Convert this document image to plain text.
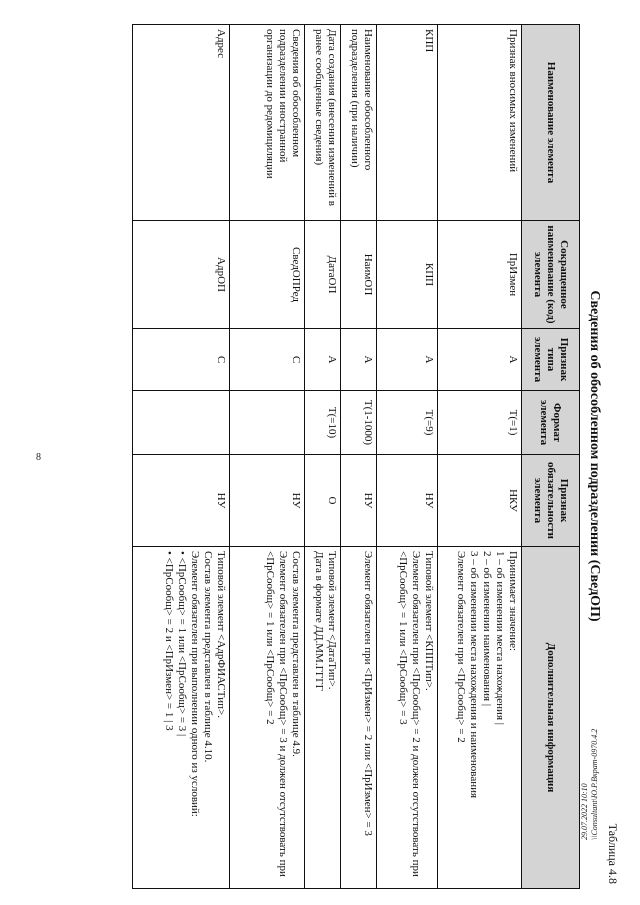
8
Таблица 4.8
Сведения об обособленном подразделении (СведОП)
Наименование элемента	Сокращенное наименование (код) элемента	Признак типа элемента	Формат элемента	Признак обязательности элемента	Дополнительная информация
Признак вносимых изменений	ПрИзмен	А	T(=1)	НКУ	Принимает значение:
1 – об изменении места нахождения |
2 – об изменении наименования |
3 – об изменении места нахождения и наименования
Элемент обязателен при <ПрСообщ> = 2

КПП	КПП	А	T(=9)	НУ	Типовой элемент <КППТип>.
Элемент обязателен при <ПрСообщ> = 2 и должен отсутствовать при <ПрСообщ> = 1 или <ПрСообщ> = 3

Наименование обособленного подразделения (при наличии)	НаимОП	А	T(1-1000)	НУ	Элемент обязателен при <ПрИзмен> = 2 или <ПрИзмен> = 3

Дата создания (внесения изменений в ранее сообщенные сведения)	ДатаОП	А	T(=10)	О	Типовой элемент <ДатаТип>.
Дата в формате ДД.ММ.ГГГГ

Сведения об обособленном подразделении иностранной организации до редомициляции	СведОПРед	С		НУ	Состав элемента представлен в таблице 4.9.
Элемент обязателен при <ПрСообщ> = 3 и должен отсутствовать при <ПрСообщ> = 1 или <ПрСообщ> = 2

Адрес	АдрОП	С		НУ	Типовой элемент <АдрФИАСТип>.
Состав элемента представлен в таблице 4.10.
Элемент обязателен при выполнении одного из условий:
• <ПрСообщ> = 1 или <ПрСообщ> = 3 |
• <ПрСообщ> = 2 и <ПрИзмен> = 1 | 3
29.07.2022 10:10 \\Consultant\Ю.Р.Вкрат-0970.4.2
